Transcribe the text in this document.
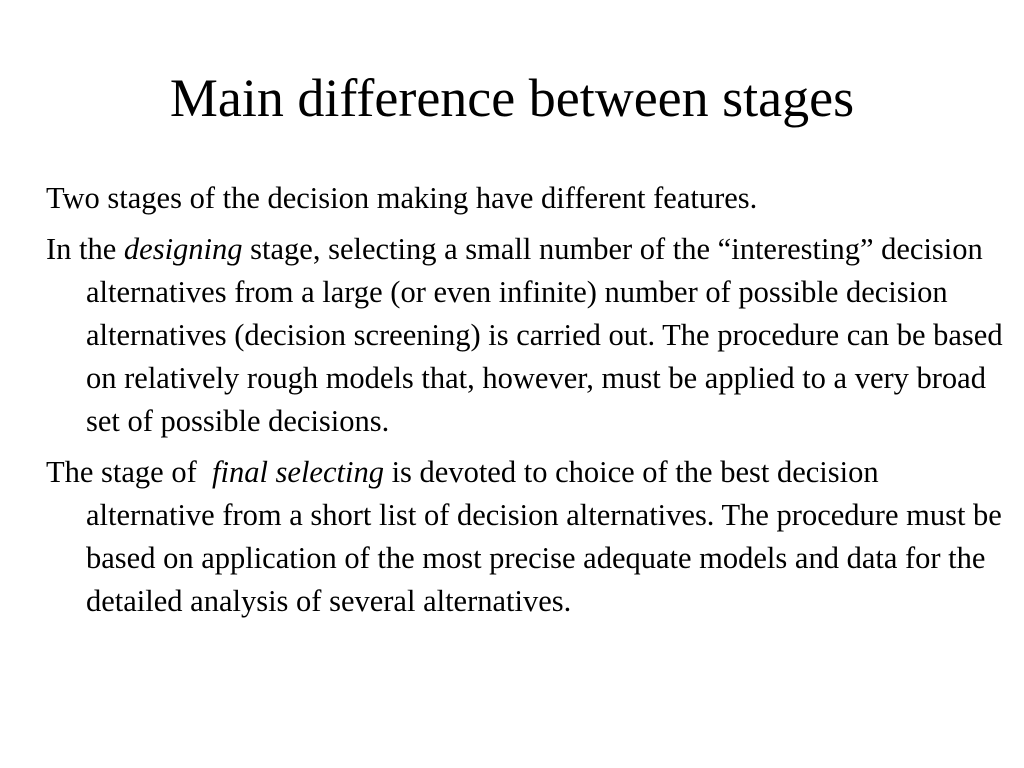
Main difference between stages

Two stages of the decision making have different features.

In the designing stage, selecting a small number of the “interesting” decision alternatives from a large (or even infinite) number of possible decision alternatives (decision screening) is carried out. The procedure can be based on relatively rough models that, however, must be applied to a very broad set of possible decisions.

The stage of  final selecting is devoted to choice of the best decision alternative from a short list of decision alternatives. The procedure must be based on application of the most precise adequate models and data for the detailed analysis of several alternatives.
